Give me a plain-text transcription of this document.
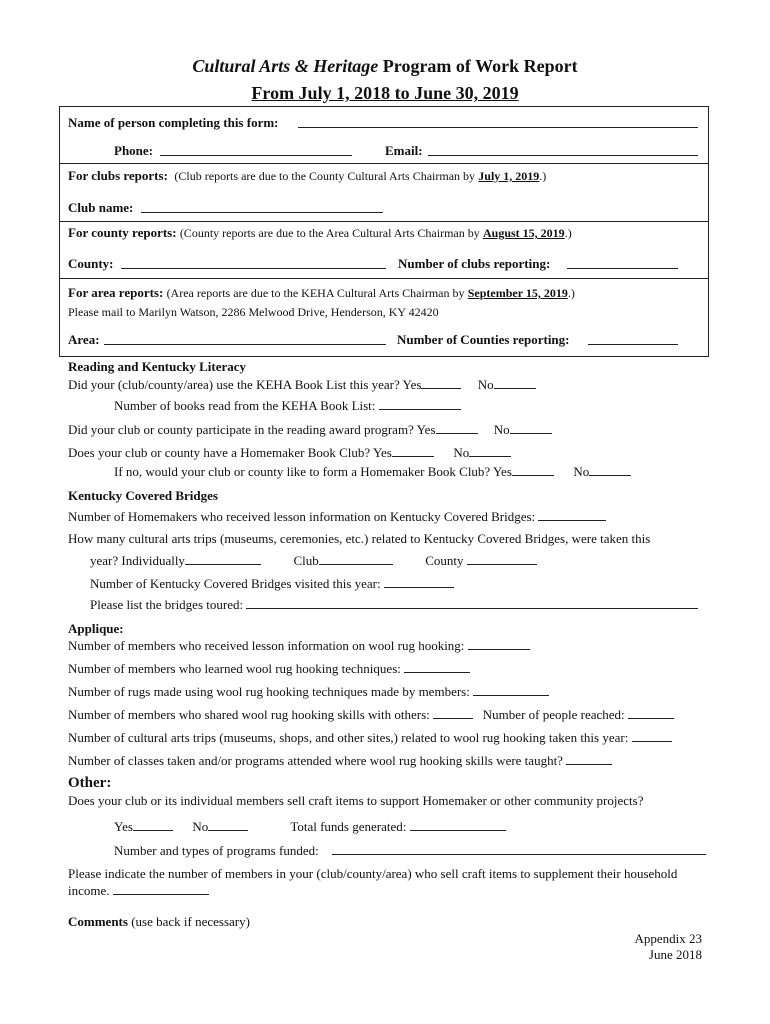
Cultural Arts & Heritage Program of Work Report
From July 1, 2018 to June 30, 2019
Name of person completing this form:
Phone:	Email:
For clubs reports: (Club reports are due to the County Cultural Arts Chairman by July 1, 2019.)
Club name:
For county reports: (County reports are due to the Area Cultural Arts Chairman by August 15, 2019.)
County:	Number of clubs reporting:
For area reports: (Area reports are due to the KEHA Cultural Arts Chairman by September 15, 2019.)
Please mail to Marilyn Watson, 2286 Melwood Drive, Henderson, KY 42420
Area:	Number of Counties reporting:
Reading and Kentucky Literacy
Did your (club/county/area) use the KEHA Book List this year? Yes	No
Number of books read from the KEHA Book List:
Did your club or county participate in the reading award program? Yes	No
Does your club or county have a Homemaker Book Club? Yes	No
If no, would your club or county like to form a Homemaker Book Club? Yes	No
Kentucky Covered Bridges
Number of Homemakers who received lesson information on Kentucky Covered Bridges:
How many cultural arts trips (museums, ceremonies, etc.) related to Kentucky Covered Bridges, were taken this
year? Individually	Club	County
Number of Kentucky Covered Bridges visited this year:
Please list the bridges toured:
Applique:
Number of members who received lesson information on wool rug hooking:
Number of members who learned wool rug hooking techniques:
Number of rugs made using wool rug hooking techniques made by members:
Number of members who shared wool rug hooking skills with others:	Number of people reached:
Number of cultural arts trips (museums, shops, and other sites,) related to wool rug hooking taken this year:
Number of classes taken and/or programs attended where wool rug hooking skills were taught?
Other:
Does your club or its individual members sell craft items to support Homemaker or other community projects?
Yes	No	Total funds generated:
Number and types of programs funded:
Please indicate the number of members in your (club/county/area) who sell craft items to supplement their household
income.
Comments (use back if necessary)
Appendix 23
June 2018
